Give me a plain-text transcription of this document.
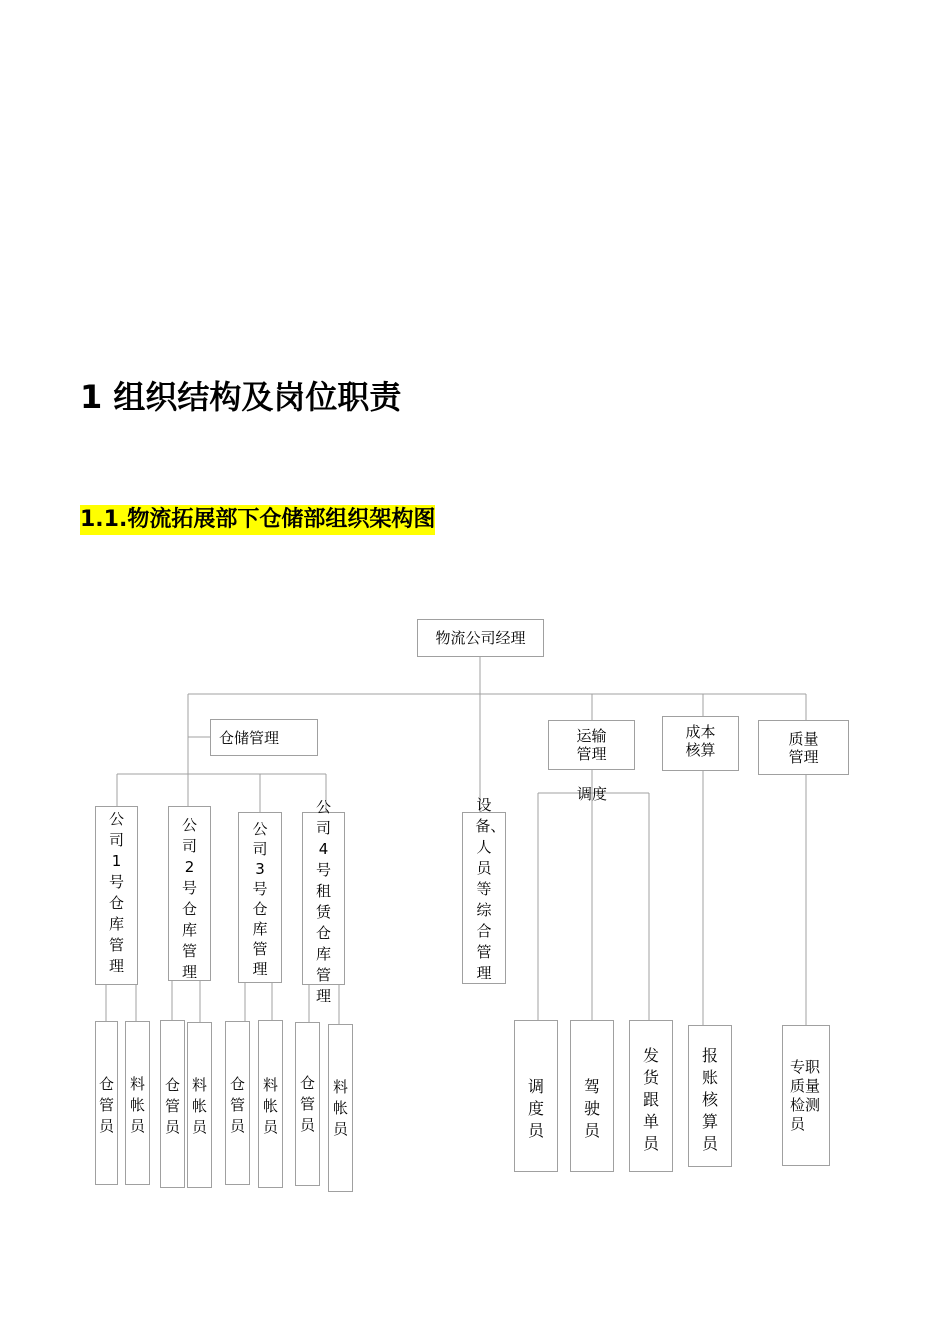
1 组织结构及岗位职责
1.1.物流拓展部下仓储部组织架构图
物流公司经理
仓储管理	运输
管理
成本
核算
质量
管理
调度
公司1号仓库管理
公司2号仓库管理
公司3号仓库管理
公司4号租赁仓库管理
设备、人员等综合管理
仓管员
料帐员
仓管员
料帐员
仓管员
料帐员
仓管员
料帐员
调度员
驾驶员
发货跟单员
报账核算员
专职
质量
检测
员
